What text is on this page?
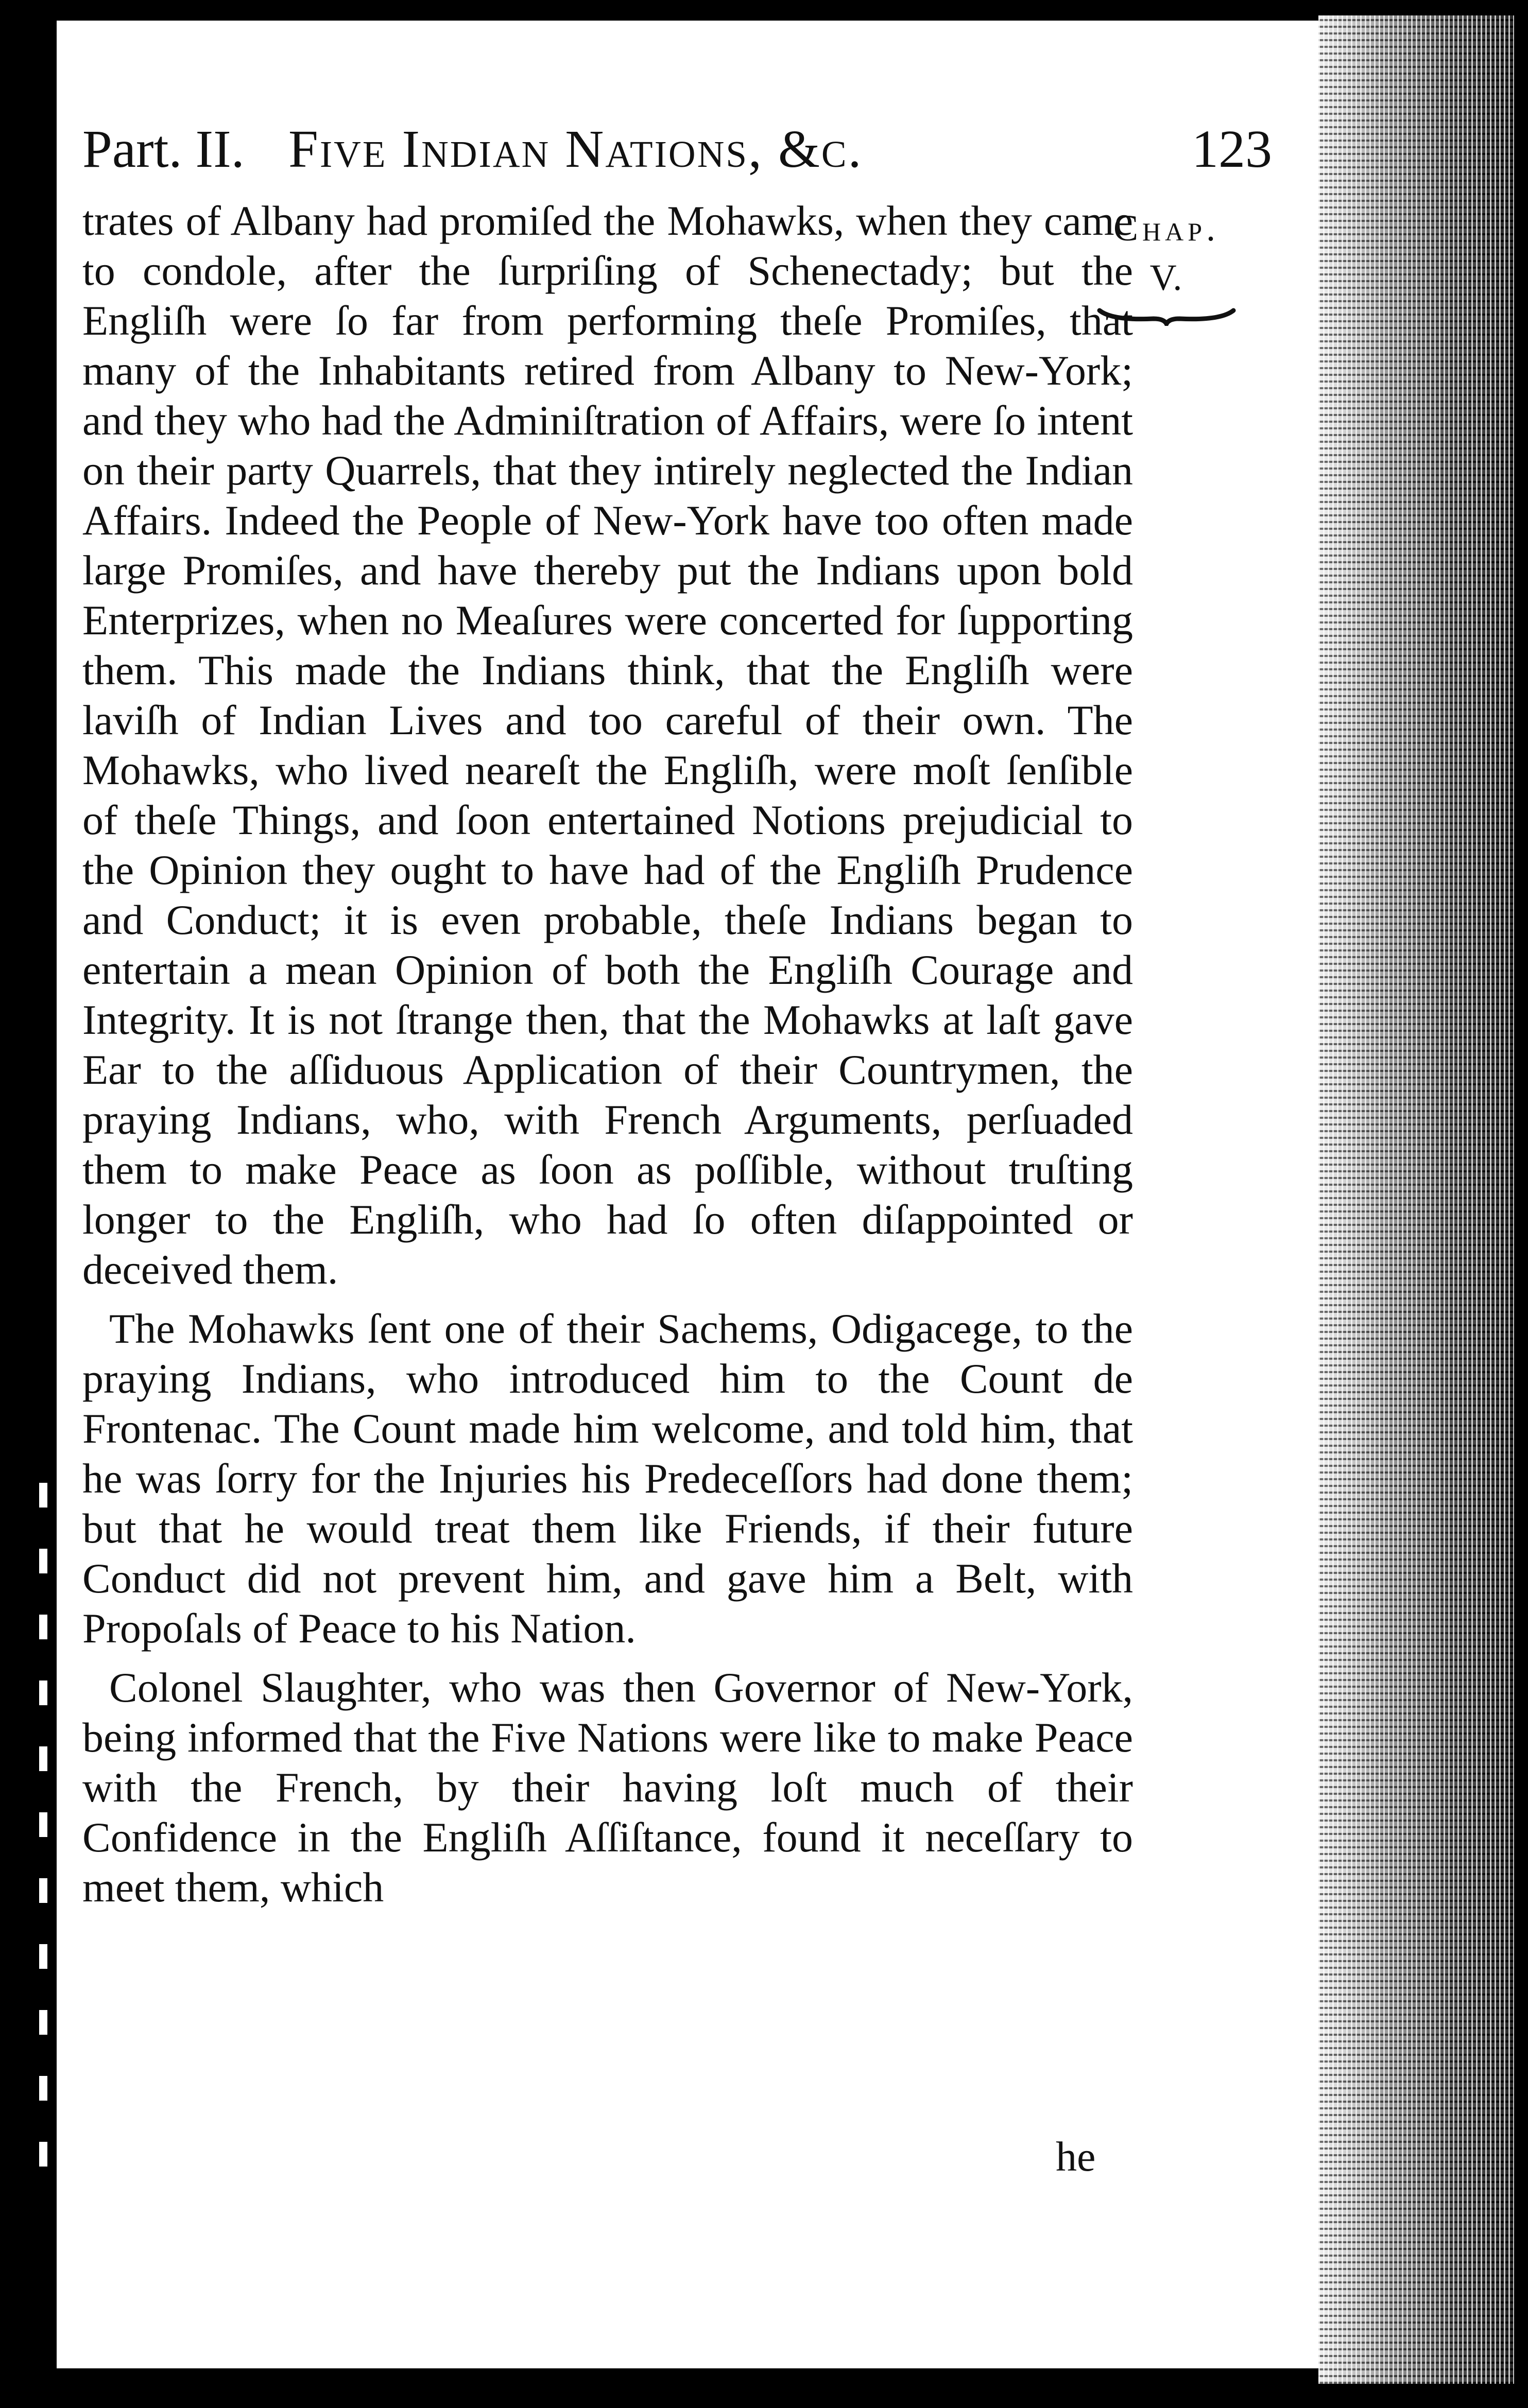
Part. II. Five Indian Nations, &c.	123
Chap.
V.

trates of Albany had promiſed the Mohawks, when they came to condole, after the ſurpriſing of Schenectady; but the Engliſh were ſo far from performing theſe Promiſes, that many of the Inhabitants retired from Albany to New-York; and they who had the Adminiſtration of Affairs, were ſo intent on their party Quarrels, that they intirely neglected the Indian Affairs. Indeed the People of New-York have too often made large Promiſes, and have thereby put the Indians upon bold Enterprizes, when no Meaſures were concerted for ſupporting them. This made the Indians think, that the Engliſh were laviſh of Indian Lives and too careful of their own. The Mohawks, who lived neareſt the Engliſh, were moſt ſenſible of theſe Things, and ſoon entertained Notions prejudicial to the Opinion they ought to have had of the Engliſh Prudence and Conduct; it is even probable, theſe Indians began to entertain a mean Opinion of both the Engliſh Courage and Integrity. It is not ſtrange then, that the Mohawks at laſt gave Ear to the aſſiduous Application of their Countrymen, the praying Indians, who, with French Arguments, perſuaded them to make Peace as ſoon as poſſible, without truſting longer to the Engliſh, who had ſo often diſappointed or deceived them.

The Mohawks ſent one of their Sachems, Odigacege, to the praying Indians, who introduced him to the Count de Frontenac. The Count made him welcome, and told him, that he was ſorry for the Injuries his Predeceſſors had done them; but that he would treat them like Friends, if their future Conduct did not prevent him, and gave him a Belt, with Propoſals of Peace to his Nation.

Colonel Slaughter, who was then Governor of New-York, being informed that the Five Nations were like to make Peace with the French, by their having loſt much of their Confidence in the Engliſh Aſſiſtance, found it neceſſary to meet them, which

he
